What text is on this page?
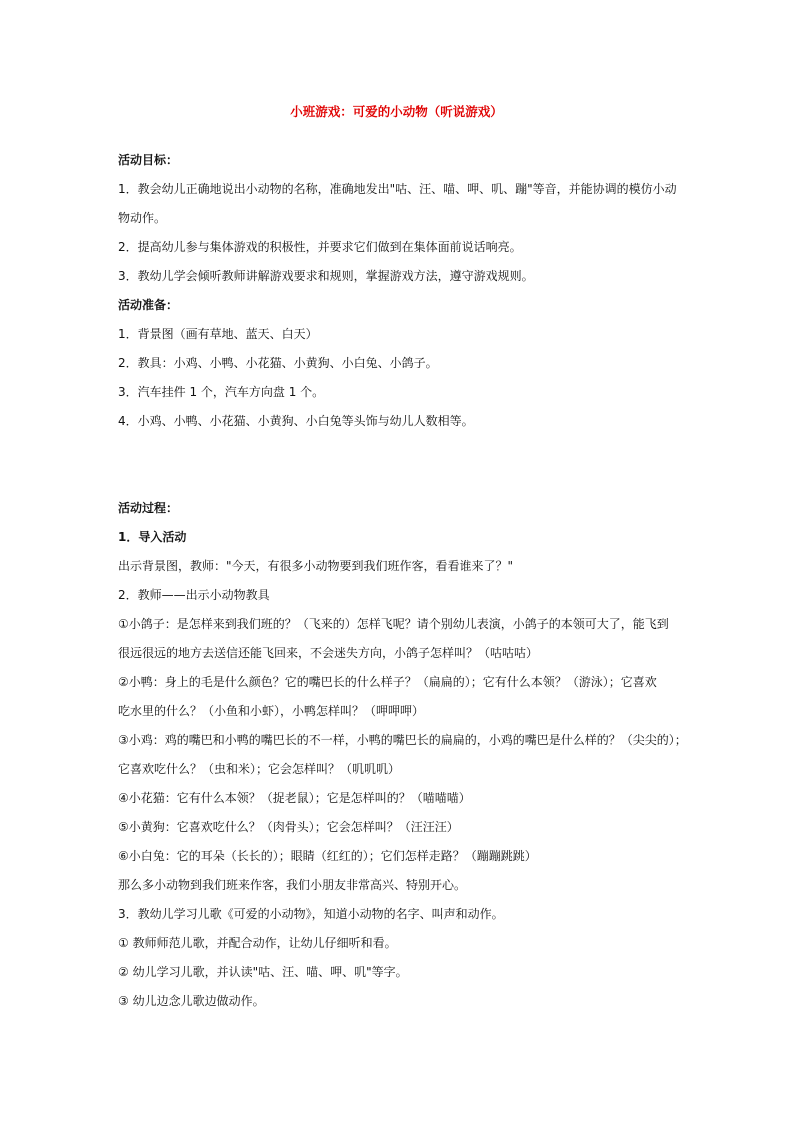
小班游戏：可爱的小动物（听说游戏）
活动目标：
1．教会幼儿正确地说出小动物的名称，准确地发出"咕、汪、喵、呷、叽、蹦"等音，并能协调的模仿小动
物动作。
2．提高幼儿参与集体游戏的积极性，并要求它们做到在集体面前说话响亮。
3．教幼儿学会倾听教师讲解游戏要求和规则，掌握游戏方法，遵守游戏规则。
活动准备：
1．背景图（画有草地、蓝天、白天）
2．教具：小鸡、小鸭、小花猫、小黄狗、小白兔、小鸽子。
3．汽车挂件 1 个，汽车方向盘 1 个。
4．小鸡、小鸭、小花猫、小黄狗、小白兔等头饰与幼儿人数相等。
活动过程：
1．导入活动
出示背景图，教师："今天，有很多小动物要到我们班作客，看看谁来了？"
2．教师——出示小动物教具
①小鸽子：是怎样来到我们班的？（飞来的）怎样飞呢？请个别幼儿表演，小鸽子的本领可大了，能飞到
很远很远的地方去送信还能飞回来，不会迷失方向，小鸽子怎样叫？（咕咕咕）
②小鸭：身上的毛是什么颜色？它的嘴巴长的什么样子？（扁扁的）；它有什么本领？（游泳）；它喜欢
吃水里的什么？（小鱼和小虾），小鸭怎样叫？（呷呷呷）
③小鸡：鸡的嘴巴和小鸭的嘴巴长的不一样，小鸭的嘴巴长的扁扁的，小鸡的嘴巴是什么样的？（尖尖的）；
它喜欢吃什么？（虫和米）；它会怎样叫？（叽叽叽）
④小花猫：它有什么本领？（捉老鼠）；它是怎样叫的？（喵喵喵）
⑤小黄狗：它喜欢吃什么？（肉骨头）；它会怎样叫？（汪汪汪）
⑥小白兔：它的耳朵（长长的）；眼睛（红红的）；它们怎样走路？（蹦蹦跳跳）
那么多小动物到我们班来作客，我们小朋友非常高兴、特别开心。
3．教幼儿学习儿歌《可爱的小动物》，知道小动物的名字、叫声和动作。
① 教师师范儿歌，并配合动作，让幼儿仔细听和看。
② 幼儿学习儿歌，并认读"咕、汪、喵、呷、叽"等字。
③ 幼儿边念儿歌边做动作。
